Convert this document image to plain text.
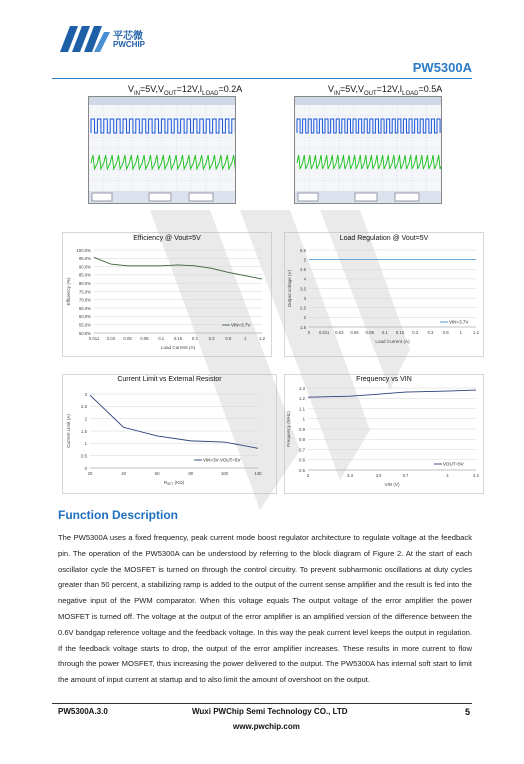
平芯微
PWCHIP
PW5300A
$V_{IN}=5V,V_{OUT}=12V,I_{LOAD}=0.2A$	$V_{IN}=5V,V_{OUT}=12V,I_{LOAD}=0.5A$
Efficiency @ Vout=5V
100.0%
95.0%
90.0%
85.0%
80.0%
75.0%
70.0%
65.0%
60.0%
55.0%
50.0%
0.011 0.03 0.05 0.08 0.1 0.15 0.2	0.3	0.8	1	1.2
Efficiency (%)
Load Current (A)
VIN=3.7V
Load Regulation @ Vout=5V
5.5
5
4.5
4
3.5
3
2.5
2
1.5
0 0.011 0.03 0.05 0.08 0.1 0.15 0.2 0.3 0.8	1	1.2
Output voltage (V)
Load Current (A)
VIN=3.7V
Current Limit vs External Resistor
3
2.5
2
1.5
1
0.5
0
20	40	60	80	100	140
Current Limit (A)
$R_{SET}$ (KΩ)
VIN=3V VOUT=5V
Frequency vs VIN
1.3
1.2
1.1
1
0.9
0.8
0.7
0.6
0.5
3	3.3	3.5	3.7	4	4.2
Frequency (MHz)
VIN (V)
VOUT=5V
Function Description
The PW5300A uses a fixed frequency, peak current mode boost regulator architecture to regulate voltage at the feedback pin. The operation of the PW5300A can be understood by referring to the block diagram of Figure 2. At the start of each oscillator cycle the MOSFET is turned on through the control circuitry. To prevent subharmonic oscillations at duty cycles greater than 50 percent, a stabilizing ramp is added to the output of the current sense amplifier and the result is fed into the negative input of the PWM comparator. When this voltage equals The output voltage of the error amplifier the power MOSFET is turned off. The voltage at the output of the error amplifier is an amplified version of the difference between the 0.6V bandgap reference voltage and the feedback voltage. In this way the peak current level keeps the output in regulation. If the feedback voltage starts to drop, the output of the error amplifier increases. These results in more current to flow through the power MOSFET, thus increasing the power delivered to the output. The PW5300A has internal soft start to limit the amount of input current at startup and to also limit the amount of overshoot on the output.
PW5300A.3.0	Wuxi PWChip Semi Technology CO., LTD
www.pwchip.com
5
